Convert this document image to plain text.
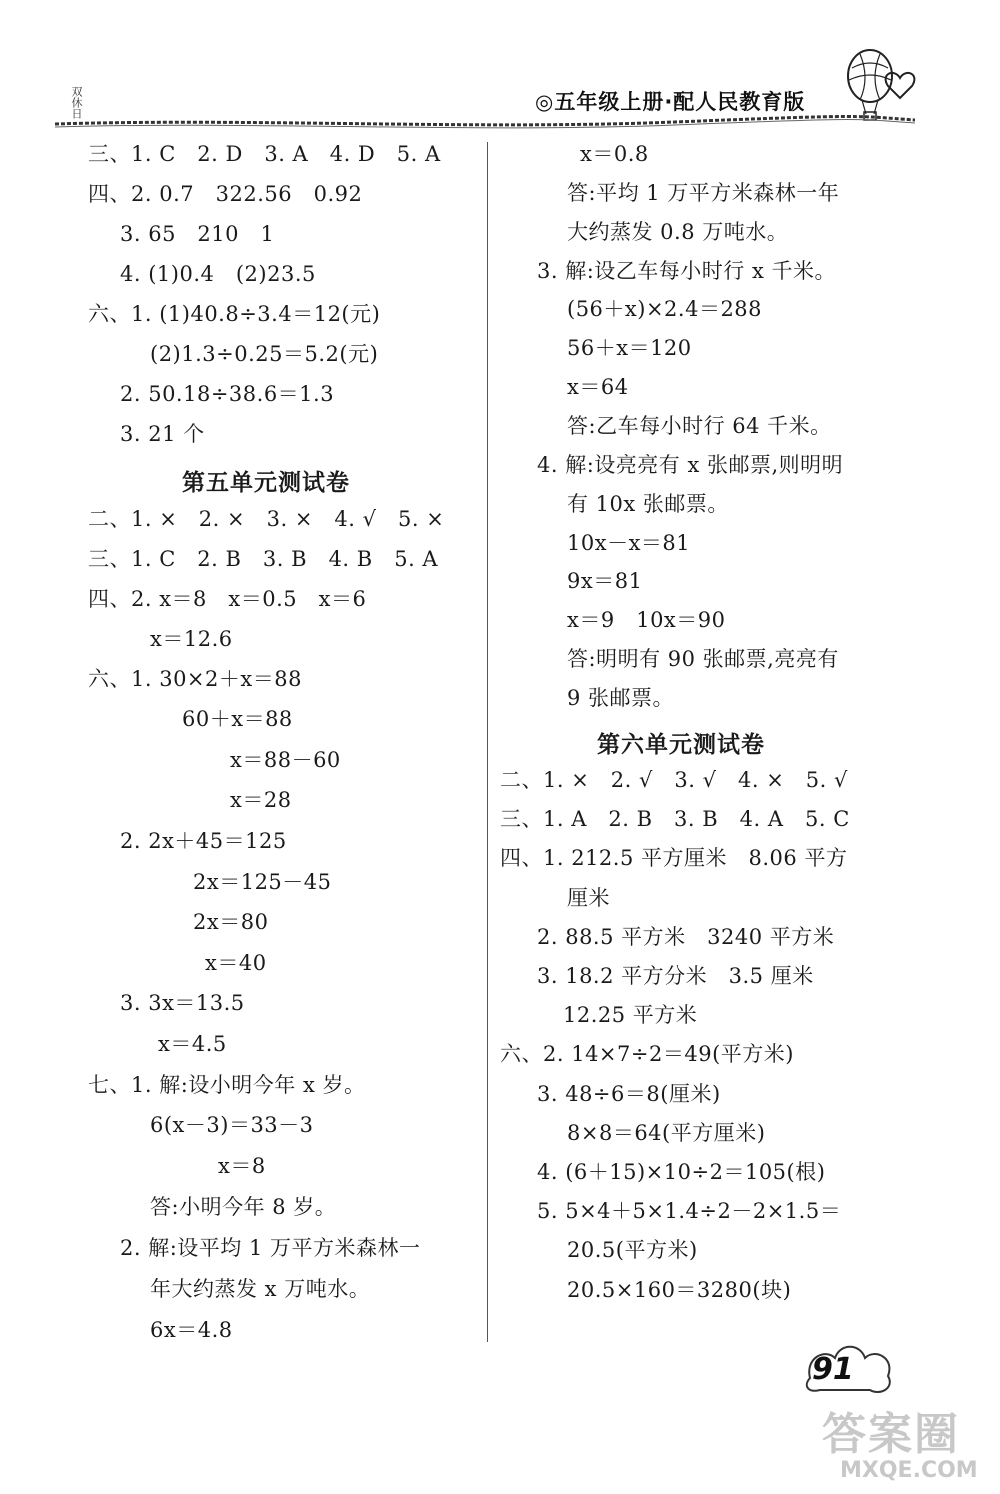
双休日	◎五年级上册·配人民教育版
三、1. C　2. D　3. A　4. D　5. A
四、2. 0.7　322.56　0.92
3. 65　210　1
4. (1)0.4　(2)23.5
六、1. (1)40.8÷3.4＝12(元)
(2)1.3÷0.25＝5.2(元)
2. 50.18÷38.6＝1.3
3. 21 个
第五单元测试卷
二、1. ×　2. ×　3. ×　4. √　5. ×
三、1. C　2. B　3. B　4. B　5. A
四、2. x＝8　x＝0.5　x＝6
x＝12.6
六、1. 30×2＋x＝88
60＋x＝88
x＝88－60
x＝28
2. 2x＋45＝125
2x＝125－45
2x＝80
x＝40
3. 3x＝13.5
x＝4.5
七、1. 解:设小明今年 x 岁。
6(x－3)＝33－3
x＝8
答:小明今年 8 岁。
2. 解:设平均 1 万平方米森林一
年大约蒸发 x 万吨水。
6x＝4.8
x＝0.8
答:平均 1 万平方米森林一年
大约蒸发 0.8 万吨水。
3. 解:设乙车每小时行 x 千米。
(56＋x)×2.4＝288
56＋x＝120
x＝64
答:乙车每小时行 64 千米。
4. 解:设亮亮有 x 张邮票,则明明
有 10x 张邮票。
10x－x＝81
9x＝81
x＝9　10x＝90
答:明明有 90 张邮票,亮亮有
9 张邮票。
第六单元测试卷
二、1. ×　2. √　3. √　4. ×　5. √
三、1. A　2. B　3. B　4. A　5. C
四、1. 212.5 平方厘米　8.06 平方
厘米
2. 88.5 平方米　3240 平方米
3. 18.2 平方分米　3.5 厘米
12.25 平方米
六、2. 14×7÷2＝49(平方米)
3. 48÷6＝8(厘米)
8×8＝64(平方厘米)
4. (6＋15)×10÷2＝105(根)
5. 5×4＋5×1.4÷2－2×1.5＝
20.5(平方米)
20.5×160＝3280(块)
91
答案圈
MXQE.COM
